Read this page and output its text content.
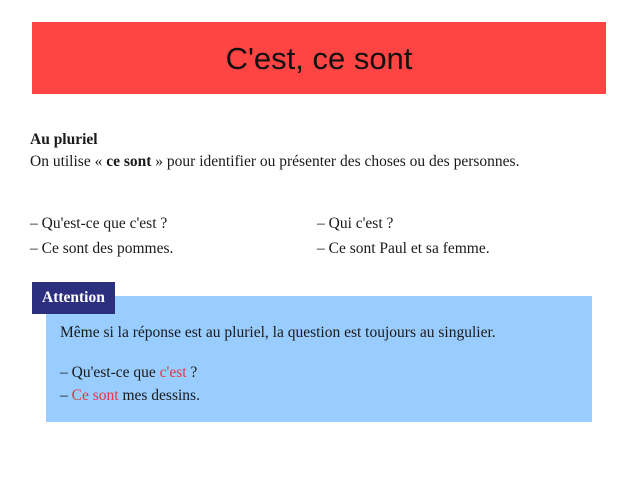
C'est, ce sont
Au pluriel
On utilise « ce sont » pour identifier ou présenter des choses ou des personnes.
– Qu'est-ce que c'est ?
– Ce sont des pommes.
– Qui c'est ?
– Ce sont Paul et sa femme.
Attention
Même si la réponse est au pluriel, la question est toujours au singulier.
– Qu'est-ce que c'est ?
– Ce sont mes dessins.
